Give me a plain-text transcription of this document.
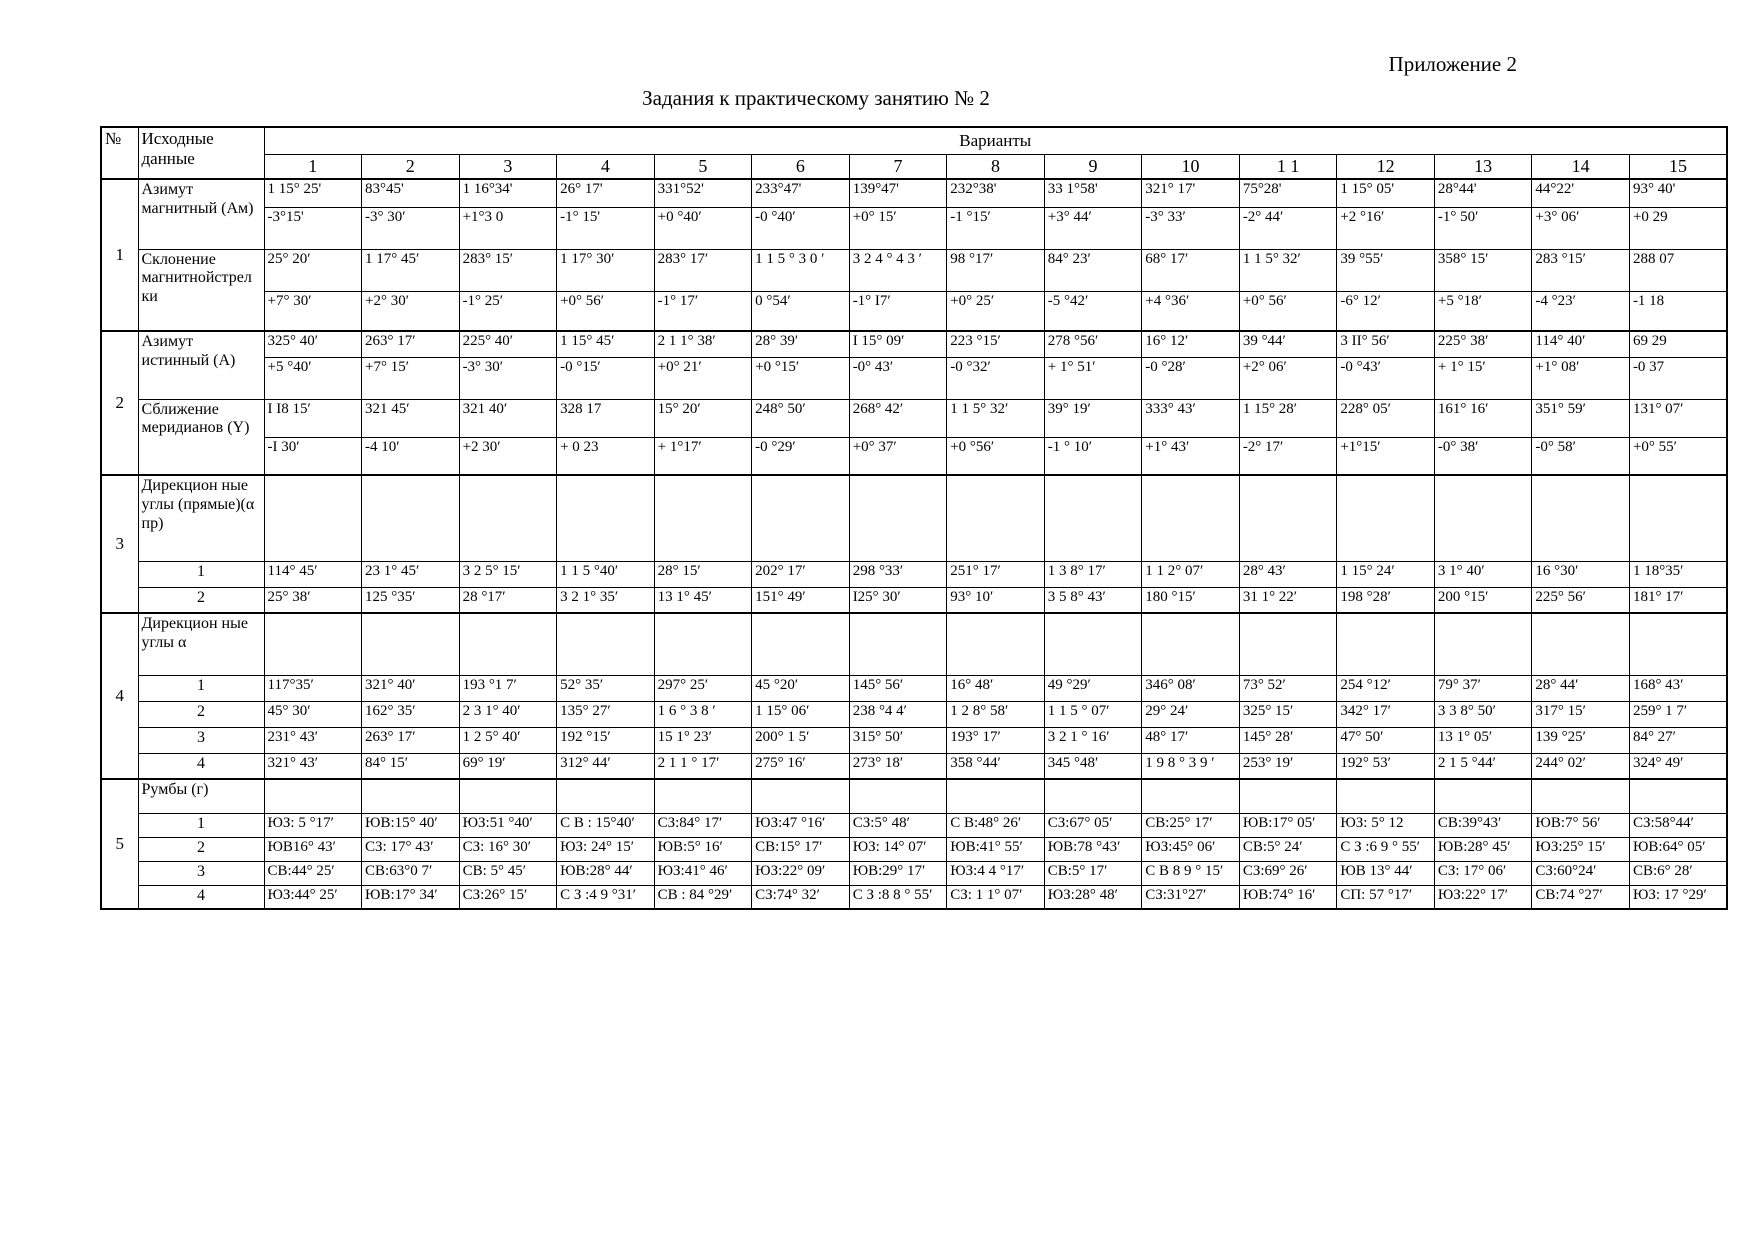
Приложение 2
Задания к практическому занятию № 2
№	Исходные данные	Варианты														
		1	2	3	4	5	6	7	8	9	10	1 1	12	13	14	15
1	Азимут магнитный (Ам)	1 15° 25'	83°45'	1 16°34'	26° 17'	331°52'	233°47'	139°47'	232°38'	33 1°58'	321° 17'	75°28'	1 15° 05'	28°44'	44°22'	93° 40'
		-3°15'	-3° 30′	+1°3 0	-1° 15'	+0 °40′	-0 °40′	+0° 15′	-1 °15′	+3° 44′	-3° 33′	-2° 44′	+2 °16′	-1° 50′	+3° 06′	+0 29
	Склонение магнитнойстрел ки	25° 20′	1 17° 45′	283° 15′	1 17° 30′	283° 17′	1 1 5 ° 3 0 ′	3 2 4 ° 4 3 ′	98 °17′	84° 23′	68° 17′	1 1 5° 32′	39 °55′	358° 15′	283 °15′	288 07
		+7° 30′	+2° 30′	-1° 25′	+0° 56′	-1° 17′	0 °54′	-1° I7′	+0° 25′	-5 °42′	+4 °36′	+0° 56′	-6° 12′	+5 °18′	-4 °23′	-1 18
2	Азимут истинный (А)	325° 40′	263° 17′	225° 40′	1 15° 45′	2 1 1° 38′	28° 39′	I 15° 09′	223 °15′	278 °56′	16° 12′	39 °44′	3 II° 56′	225° 38′	114° 40′	69 29
		+5 °40′	+7° 15′	-3° 30′	-0 °15′	+0° 21′	+0 °15′	-0° 43′	-0 °32′	+ 1° 51′	-0 °28′	+2° 06′	-0 °43′	+ 1° 15′	+1° 08′	-0 37
	Сближение меридианов (Y)	I I8 15′	321 45′	321 40′	328 17	15° 20′	248° 50′	268° 42′	1 1 5° 32′	39° 19′	333° 43′	1 15° 28′	228° 05′	161° 16′	351° 59′	131° 07′
		-I 30′	-4 10′	+2 30′	+ 0 23	+ 1°17′	-0 °29′	+0° 37′	+0 °56′	-1 ° 10′	+1° 43′	-2° 17′	+1°15′	-0° 38′	-0° 58′	+0° 55′
3	Дирекцион ные углы (прямые)(α пр)															
	1	114° 45′	23 1° 45′	3 2 5° 15′	1 1 5 °40′	28° 15′	202° 17′	298 °33′	251° 17′	1 3 8° 17′	1 1 2° 07′	28° 43′	1 15° 24′	3 1° 40′	16 °30′	1 18°35′
	2	25° 38′	125 °35′	28 °17′	3 2 1° 35′	13 1° 45′	151° 49′	I25° 30′	93° 10′	3 5 8° 43′	180 °15′	31 1° 22′	198 °28′	200 °15′	225° 56′	181° 17′
4	Дирекцион ные углы α															
	1	117°35′	321° 40′	193 °1 7′	52° 35′	297° 25′	45 °20′	145° 56′	16° 48′	49 °29′	346° 08′	73° 52′	254 °12′	79° 37′	28° 44′	168° 43′
	2	45° 30′	162° 35′	2 3 1° 40′	135° 27′	1 6 ° 3 8 ′	1 15° 06′	238 °4 4′	1 2 8° 58′	1 1 5 ° 07′	29° 24′	325° 15′	342° 17′	3 3 8° 50′	317° 15′	259° 1 7′
	3	231° 43′	263° 17′	1 2 5° 40′	192 °15′	15 1° 23′	200° 1 5′	315° 50′	193° 17′	3 2 1 ° 16′	48° 17′	145° 28′	47° 50′	13 1° 05′	139 °25′	84° 27′
	4	321° 43′	84° 15′	69° 19′	312° 44′	2 1 1 ° 17′	275° 16′	273° 18′	358 °44′	345 °48′	1 9 8 ° 3 9 ′	253° 19′	192° 53′	2 1 5 °44′	244° 02′	324° 49′
5	Румбы (г)															
	1	ЮЗ: 5 °17′	ЮВ:15° 40′	ЮЗ:51 °40′	С В : 15°40′	СЗ:84° 17′	ЮЗ:47 °16′	СЗ:5° 48′	С В:48° 26′	СЗ:67° 05′	СВ:25° 17′	ЮВ:17° 05′	ЮЗ: 5° 12	СВ:39°43′	ЮВ:7° 56′	СЗ:58°44′
	2	ЮВ16° 43′	СЗ: 17° 43′	СЗ: 16° 30′	ЮЗ: 24° 15′	ЮВ:5° 16′	СВ:15° 17′	ЮЗ: 14° 07′	ЮВ:41° 55′	ЮВ:78 °43′	ЮЗ:45° 06′	СВ:5° 24′	С З :6 9 ° 55′	ЮВ:28° 45′	ЮЗ:25° 15′	ЮВ:64° 05′
	3	СВ:44° 25′	СВ:63°0 7′	СВ: 5° 45′	ЮВ:28° 44′	ЮЗ:41° 46′	ЮЗ:22° 09′	ЮВ:29° 17′	ЮЗ:4 4 °17′	СВ:5° 17′	С В 8 9 ° 15′	СЗ:69° 26′	ЮВ 13° 44′	СЗ: 17° 06′	СЗ:60°24′	СВ:6° 28′
	4	ЮЗ:44° 25′	ЮВ:17° 34′	СЗ:26° 15′	С З :4 9 °31′	СВ : 84 °29′	СЗ:74° 32′	С З :8 8 ° 55′	СЗ: 1 1° 07′	ЮЗ:28° 48′	СЗ:31°27′	ЮВ:74° 16′	СП: 57 °17′	ЮЗ:22° 17′	СВ:74 °27′	ЮЗ: 17 °29′
